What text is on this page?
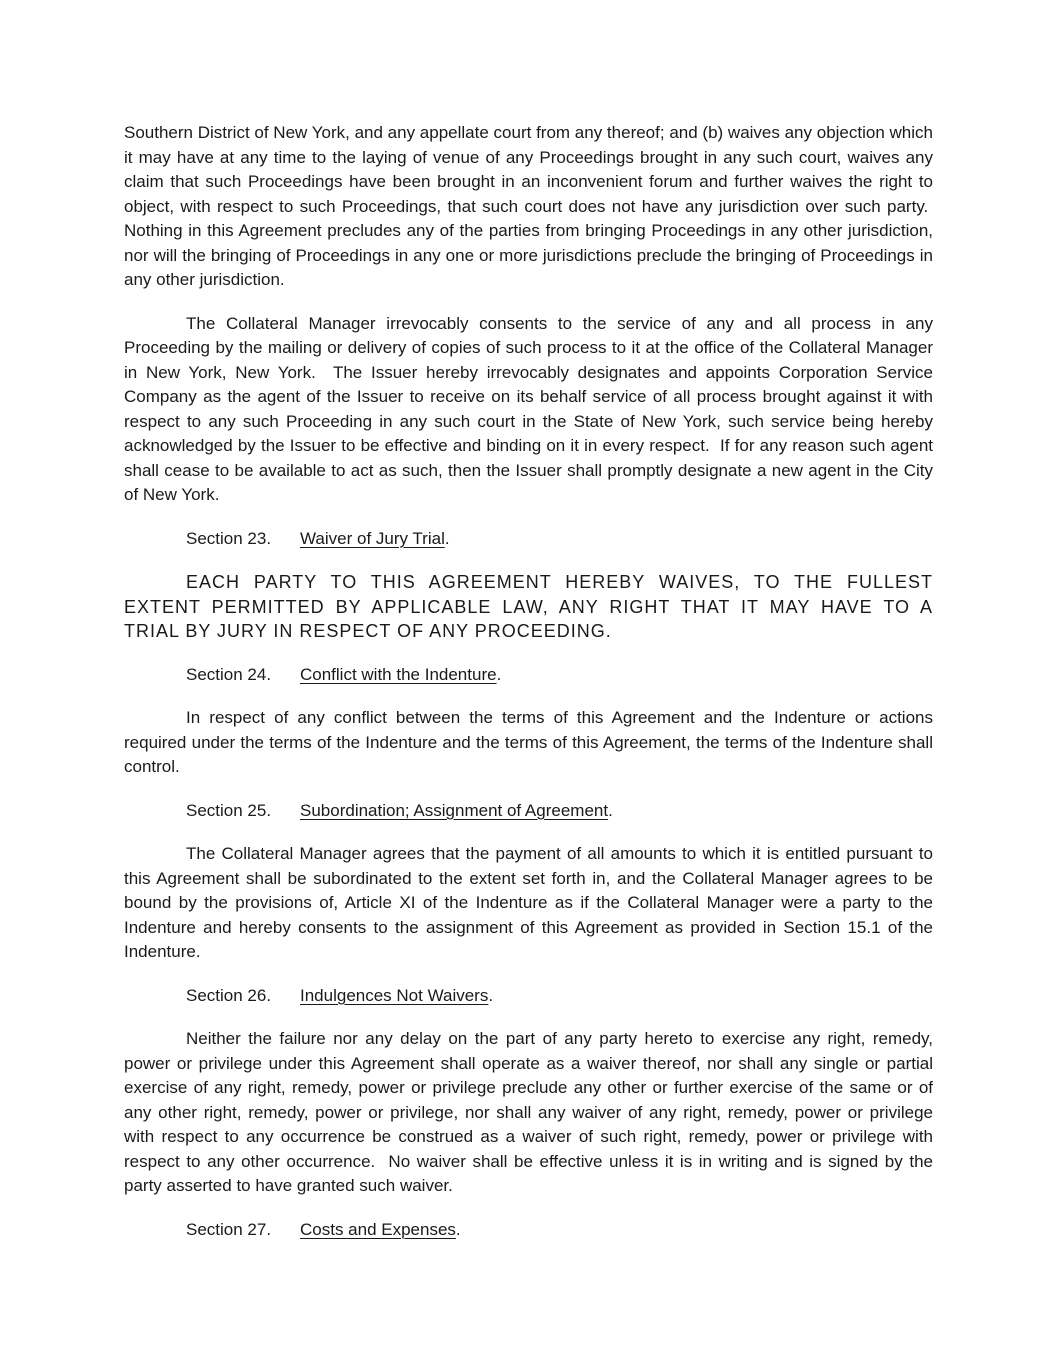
Southern District of New York, and any appellate court from any thereof; and (b) waives any objection which it may have at any time to the laying of venue of any Proceedings brought in any such court, waives any claim that such Proceedings have been brought in an inconvenient forum and further waives the right to object, with respect to such Proceedings, that such court does not have any jurisdiction over such party.  Nothing in this Agreement precludes any of the parties from bringing Proceedings in any other jurisdiction, nor will the bringing of Proceedings in any one or more jurisdictions preclude the bringing of Proceedings in any other jurisdiction.

The Collateral Manager irrevocably consents to the service of any and all process in any Proceeding by the mailing or delivery of copies of such process to it at the office of the Collateral Manager in New York, New York.  The Issuer hereby irrevocably designates and appoints Corporation Service Company as the agent of the Issuer to receive on its behalf service of all process brought against it with respect to any such Proceeding in any such court in the State of New York, such service being hereby acknowledged by the Issuer to be effective and binding on it in every respect.  If for any reason such agent shall cease to be available to act as such, then the Issuer shall promptly designate a new agent in the City of New York.

Section 23. Waiver of Jury Trial.

EACH PARTY TO THIS AGREEMENT HEREBY WAIVES, TO THE FULLEST EXTENT PERMITTED BY APPLICABLE LAW, ANY RIGHT THAT IT MAY HAVE TO A TRIAL BY JURY IN RESPECT OF ANY PROCEEDING.

Section 24. Conflict with the Indenture.

In respect of any conflict between the terms of this Agreement and the Indenture or actions required under the terms of the Indenture and the terms of this Agreement, the terms of the Indenture shall control.

Section 25. Subordination; Assignment of Agreement.

The Collateral Manager agrees that the payment of all amounts to which it is entitled pursuant to this Agreement shall be subordinated to the extent set forth in, and the Collateral Manager agrees to be bound by the provisions of, Article XI of the Indenture as if the Collateral Manager were a party to the Indenture and hereby consents to the assignment of this Agreement as provided in Section 15.1 of the Indenture.

Section 26. Indulgences Not Waivers.

Neither the failure nor any delay on the part of any party hereto to exercise any right, remedy, power or privilege under this Agreement shall operate as a waiver thereof, nor shall any single or partial exercise of any right, remedy, power or privilege preclude any other or further exercise of the same or of any other right, remedy, power or privilege, nor shall any waiver of any right, remedy, power or privilege with respect to any occurrence be construed as a waiver of such right, remedy, power or privilege with respect to any other occurrence.  No waiver shall be effective unless it is in writing and is signed by the party asserted to have granted such waiver.

Section 27. Costs and Expenses.
